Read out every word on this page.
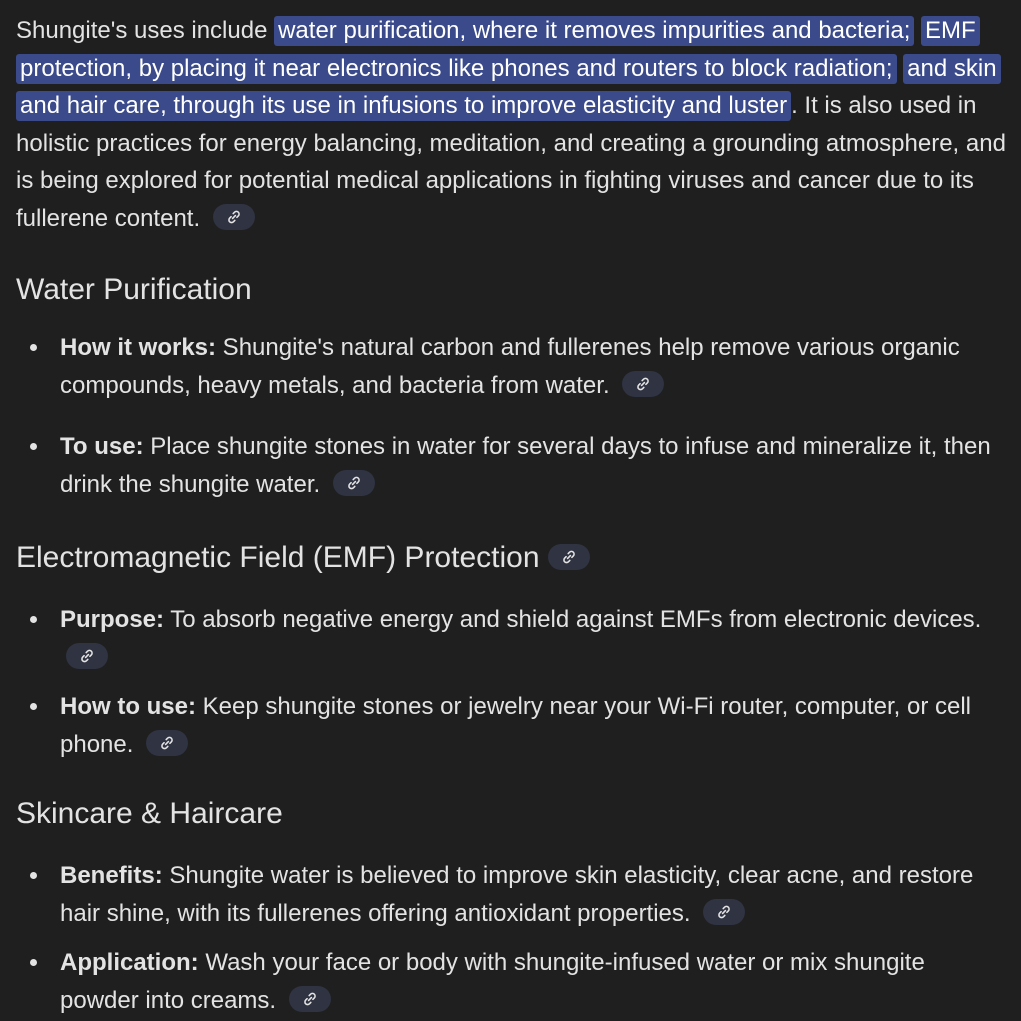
Shungite's uses include water purification, where it removes impurities and bacteria; EMF protection, by placing it near electronics like phones and routers to block radiation; and skin and hair care, through its use in infusions to improve elasticity and luster . It is also used in holistic practices for energy balancing, meditation, and creating a grounding atmosphere, and is being explored for potential medical applications in fighting viruses and cancer due to its fullerene content.

Water Purification
How it works: Shungite's natural carbon and fullerenes help remove various organic compounds, heavy metals, and bacteria from water.
To use: Place shungite stones in water for several days to infuse and mineralize it, then drink the shungite water.
Electromagnetic Field (EMF) Protection
Purpose: To absorb negative energy and shield against EMFs from electronic devices.
How to use: Keep shungite stones or jewelry near your Wi-Fi router, computer, or cell phone.
Skincare & Haircare
Benefits: Shungite water is believed to improve skin elasticity, clear acne, and restore hair shine, with its fullerenes offering antioxidant properties.
Application: Wash your face or body with shungite-infused water or mix shungite powder into creams.
